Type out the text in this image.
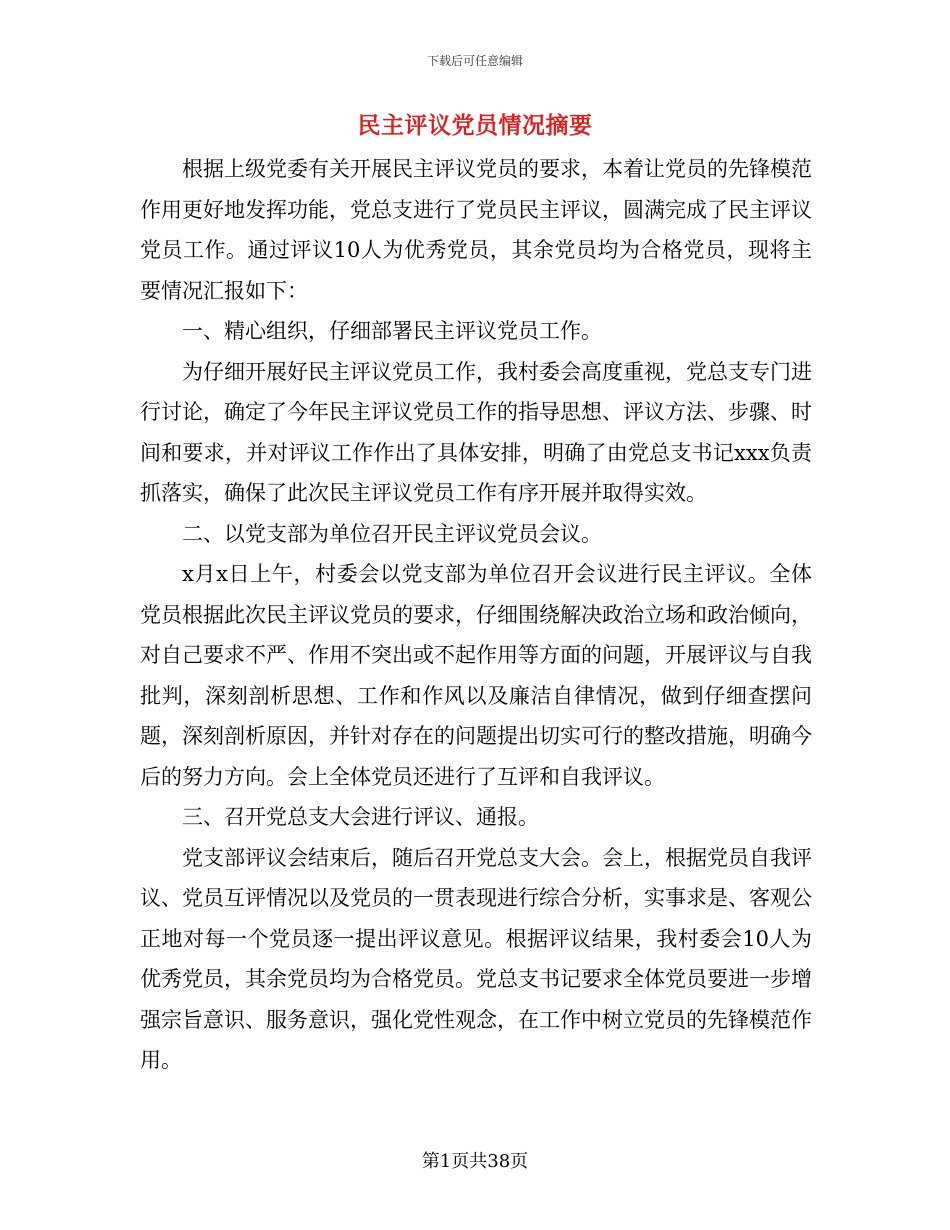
下载后可任意编辑
民主评议党员情况摘要

根据上级党委有关开展民主评议党员的要求，本着让党员的先锋模范作用更好地发挥功能，党总支进行了党员民主评议，圆满完成了民主评议党员工作。通过评议10人为优秀党员，其余党员均为合格党员，现将主要情况汇报如下：

一、精心组织，仔细部署民主评议党员工作。

为仔细开展好民主评议党员工作，我村委会高度重视，党总支专门进行讨论，确定了今年民主评议党员工作的指导思想、评议方法、步骤、时间和要求，并对评议工作作出了具体安排，明确了由党总支书记xxx负责抓落实，确保了此次民主评议党员工作有序开展并取得实效。

二、以党支部为单位召开民主评议党员会议。

x月x日上午，村委会以党支部为单位召开会议进行民主评议。全体党员根据此次民主评议党员的要求，仔细围绕解决政治立场和政治倾向，对自己要求不严、作用不突出或不起作用等方面的问题，开展评议与自我批判，深刻剖析思想、工作和作风以及廉洁自律情况，做到仔细查摆问题，深刻剖析原因，并针对存在的问题提出切实可行的整改措施，明确今后的努力方向。会上全体党员还进行了互评和自我评议。

三、召开党总支大会进行评议、通报。

党支部评议会结束后，随后召开党总支大会。会上，根据党员自我评议、党员互评情况以及党员的一贯表现进行综合分析，实事求是、客观公正地对每一个党员逐一提出评议意见。根据评议结果，我村委会10人为优秀党员，其余党员均为合格党员。党总支书记要求全体党员要进一步增强宗旨意识、服务意识，强化党性观念，在工作中树立党员的先锋模范作用。

第1页共38页
